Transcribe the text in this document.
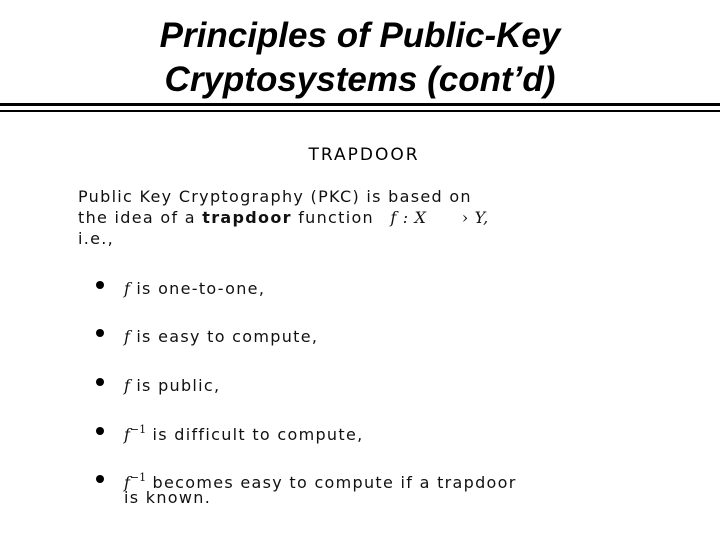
Principles of Public-Key
Cryptosystems (cont’d)
TRAPDOOR
Public Key Cryptography (PKC) is based on
the idea of a trapdoor function f : X › Y,
i.e.,
f is one-to-one,
f is easy to compute,
f is public,
$f^{-1}$ is difficult to compute,
$f^{-1}$ becomes easy to compute if a trapdoor
is known.
